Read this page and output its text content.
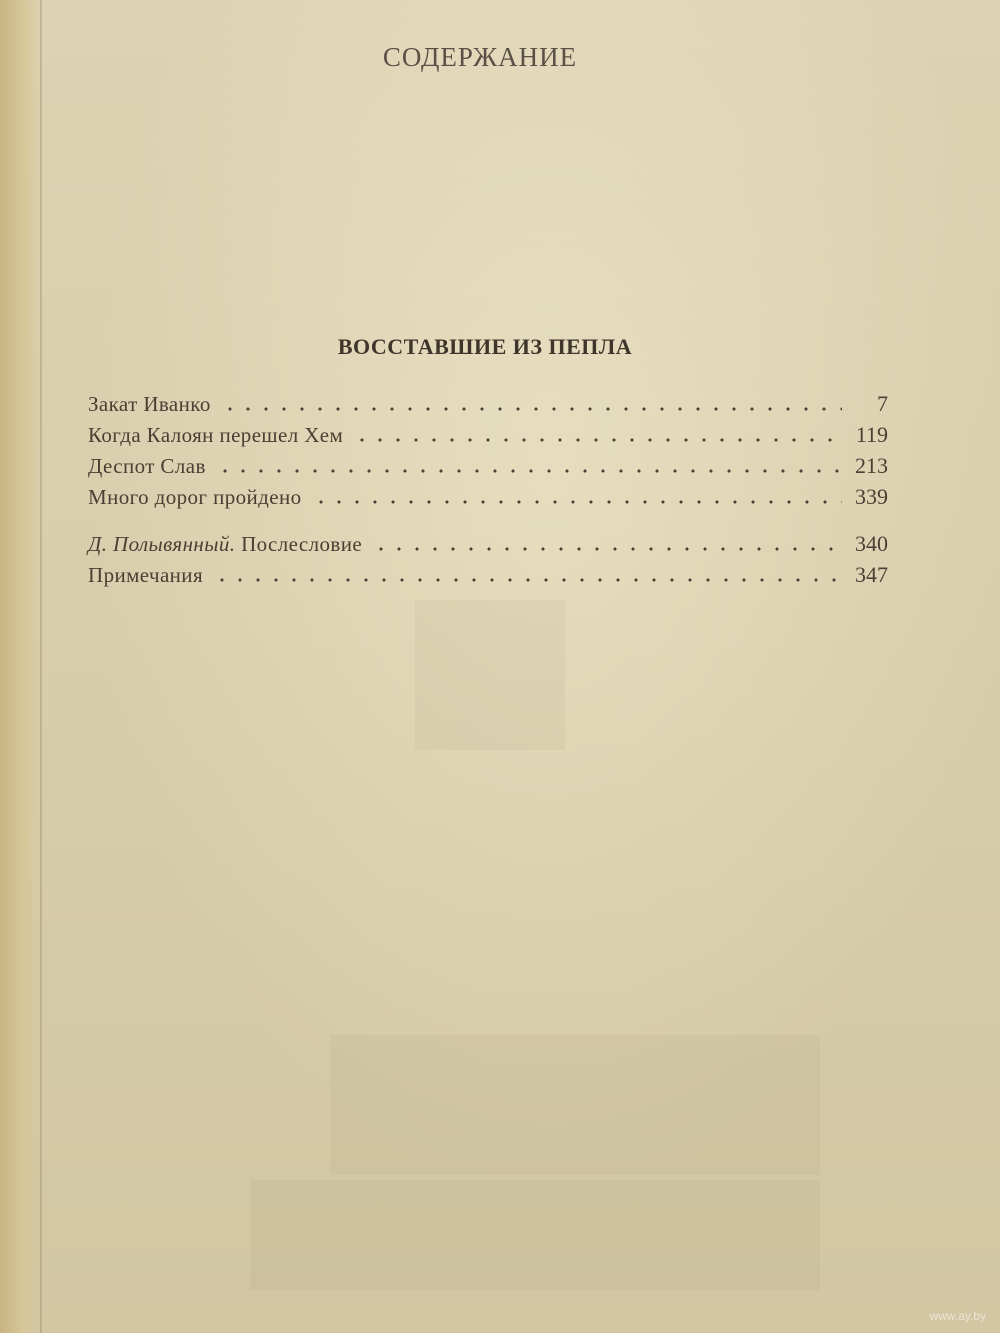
СОДЕРЖАНИЕ
ВОССТАВШИЕ ИЗ ПЕПЛА
Закат Иванко	7
Когда Калоян перешел Хем	119
Деспот Слав	213
Много дорог пройдено	339
Д. Полывянный. Послесловие	340
Примечания	347
www.ay.by
